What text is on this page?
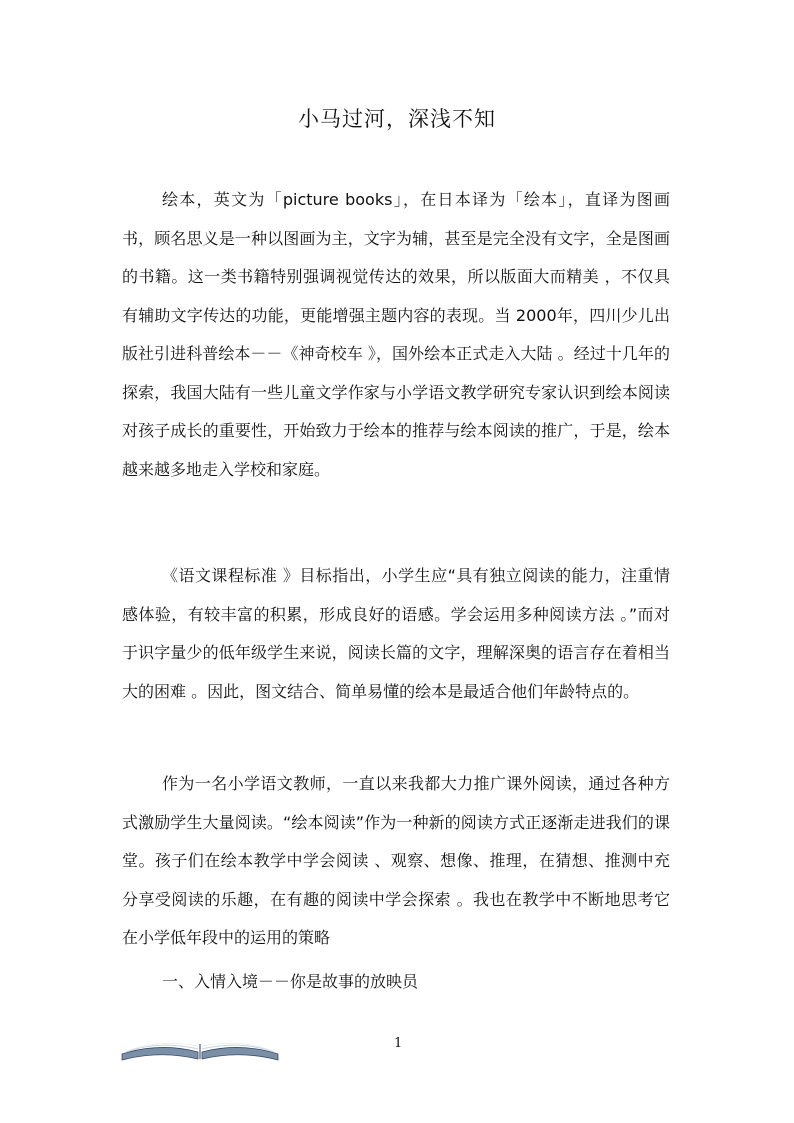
小马过河，深浅不知

绘本，英文为「picture books」，在日本译为「绘本」，直译为图画书，顾名思义是一种以图画为主，文字为辅，甚至是完全没有文字，全是图画的书籍。这一类书籍特别强调视觉传达的效果，所以版面大而精美 ，不仅具有辅助文字传达的功能，更能增强主题内容的表现。当 2000年，四川少儿出版社引进科普绘本－－《神奇校车 》，国外绘本正式走入大陆 。经过十几年的探索，我国大陆有一些儿童文学作家与小学语文教学研究专家认识到绘本阅读对孩子成长的重要性，开始致力于绘本的推荐与绘本阅读的推广，于是，绘本越来越多地走入学校和家庭。

《语文课程标准 》目标指出，小学生应“具有独立阅读的能力，注重情感体验，有较丰富的积累，形成良好的语感。学会运用多种阅读方法 。”而对于识字量少的低年级学生来说，阅读长篇的文字，理解深奥的语言存在着相当大的困难 。因此，图文结合、简单易懂的绘本是最适合他们年龄特点的。

作为一名小学语文教师，一直以来我都大力推广课外阅读，通过各种方式激励学生大量阅读。“绘本阅读”作为一种新的阅读方式正逐渐走进我们的课堂。孩子们在绘本教学中学会阅读 、观察、想像、推理，在猜想、推测中充分享受阅读的乐趣，在有趣的阅读中学会探索 。我也在教学中不断地思考它在小学低年段中的运用的策略

一、入情入境－－你是故事的放映员

1
